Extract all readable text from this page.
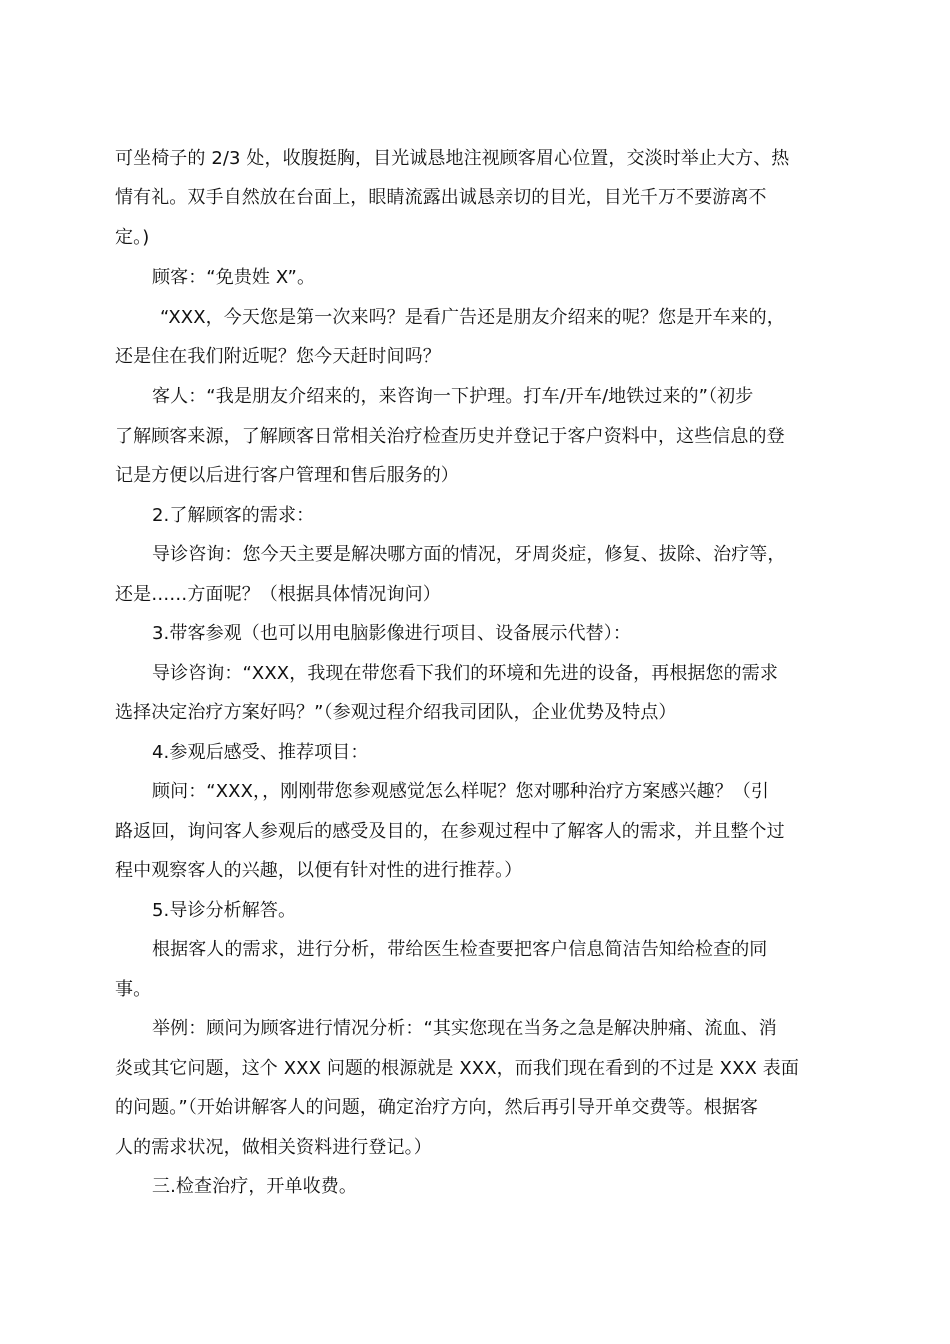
可坐椅子的 2/3 处，收腹挺胸，目光诚恳地注视顾客眉心位置，交淡时举止大方、热
情有礼。双手自然放在台面上，眼睛流露出诚恳亲切的目光，目光千万不要游离不
定。)
顾客：“免贵姓 X”。
“XXX，今天您是第一次来吗？是看广告还是朋友介绍来的呢？您是开车来的，
还是住在我们附近呢？您今天赶时间吗？
客人：“我是朋友介绍来的，来咨询一下护理。打车/开车/地铁过来的”（初步
了解顾客来源，了解顾客日常相关治疗检查历史并登记于客户资料中，这些信息的登
记是方便以后进行客户管理和售后服务的）
2.了解顾客的需求：
导诊咨询：您今天主要是解决哪方面的情况，牙周炎症，修复、拔除、治疗等，
还是……方面呢？（根据具体情况询问）
3.带客参观（也可以用电脑影像进行项目、设备展示代替）：
导诊咨询：“XXX，我现在带您看下我们的环境和先进的设备，再根据您的需求
选择决定治疗方案好吗？”（参观过程介绍我司团队，企业优势及特点）
4.参观后感受、推荐项目：
顾问：“XXX，，刚刚带您参观感觉怎么样呢？您对哪种治疗方案感兴趣？（引
路返回，询问客人参观后的感受及目的，在参观过程中了解客人的需求，并且整个过
程中观察客人的兴趣，以便有针对性的进行推荐。）
5.导诊分析解答。
根据客人的需求，进行分析，带给医生检查要把客户信息简洁告知给检查的同
事。
举例：顾问为顾客进行情况分析：“其实您现在当务之急是解决肿痛、流血、消
炎或其它问题，这个 XXX 问题的根源就是 XXX，而我们现在看到的不过是 XXX 表面
的问题。”（开始讲解客人的问题，确定治疗方向，然后再引导开单交费等。根据客
人的需求状况，做相关资料进行登记。）
三.检查治疗，开单收费。
